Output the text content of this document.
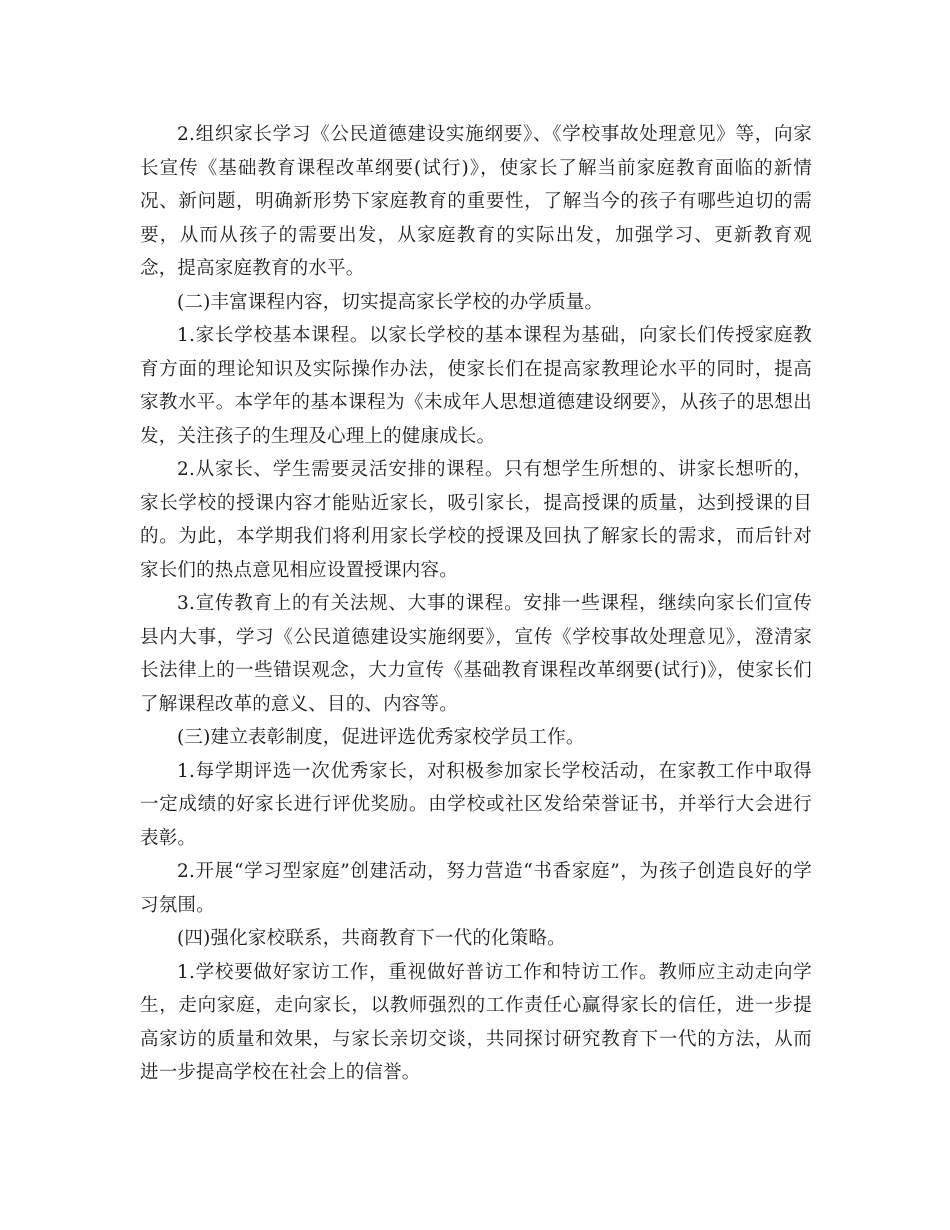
2.组织家长学习《公民道德建设实施纲要》、《学校事故处理意见》等，向家长宣传《基础教育课程改革纲要(试行)》，使家长了解当前家庭教育面临的新情况、新问题，明确新形势下家庭教育的重要性，了解当今的孩子有哪些迫切的需要，从而从孩子的需要出发，从家庭教育的实际出发，加强学习、更新教育观念，提高家庭教育的水平。

(二)丰富课程内容，切实提高家长学校的办学质量。

1.家长学校基本课程。以家长学校的基本课程为基础，向家长们传授家庭教育方面的理论知识及实际操作办法，使家长们在提高家教理论水平的同时，提高家教水平。本学年的基本课程为《未成年人思想道德建设纲要》，从孩子的思想出发，关注孩子的生理及心理上的健康成长。

2.从家长、学生需要灵活安排的课程。只有想学生所想的、讲家长想听的，家长学校的授课内容才能贴近家长，吸引家长，提高授课的质量，达到授课的目的。为此，本学期我们将利用家长学校的授课及回执了解家长的需求，而后针对家长们的热点意见相应设置授课内容。

3.宣传教育上的有关法规、大事的课程。安排一些课程，继续向家长们宣传县内大事，学习《公民道德建设实施纲要》，宣传《学校事故处理意见》，澄清家长法律上的一些错误观念，大力宣传《基础教育课程改革纲要(试行)》，使家长们了解课程改革的意义、目的、内容等。

(三)建立表彰制度，促进评选优秀家校学员工作。

1.每学期评选一次优秀家长，对积极参加家长学校活动，在家教工作中取得一定成绩的好家长进行评优奖励。由学校或社区发给荣誉证书，并举行大会进行表彰。

2.开展“学习型家庭”创建活动，努力营造“书香家庭”，为孩子创造良好的学习氛围。

(四)强化家校联系，共商教育下一代的化策略。

1.学校要做好家访工作，重视做好普访工作和特访工作。教师应主动走向学生，走向家庭，走向家长，以教师强烈的工作责任心赢得家长的信任，进一步提高家访的质量和效果，与家长亲切交谈，共同探讨研究教育下一代的方法，从而进一步提高学校在社会上的信誉。
